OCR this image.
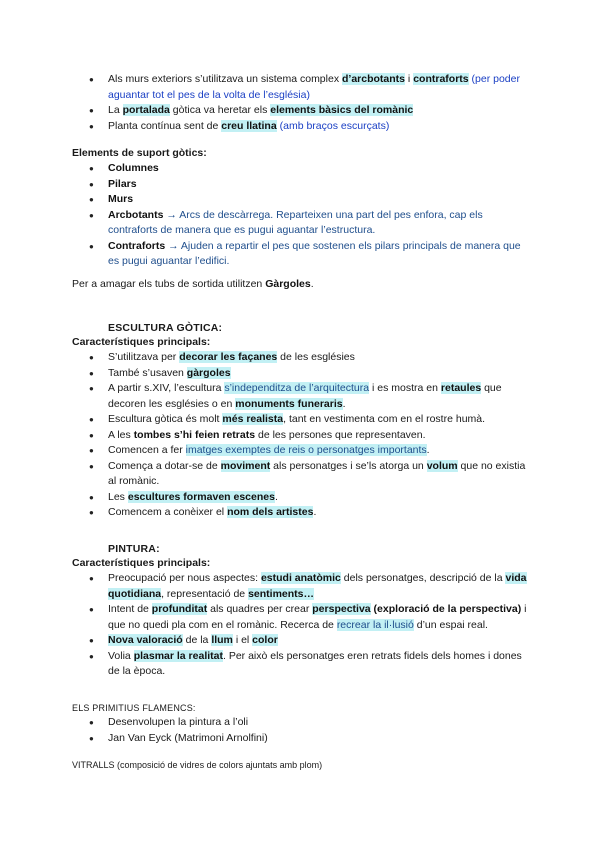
● Als murs exteriors s’utilitzava un sistema complex d’arcbotants i contraforts (per poder aguantar tot el pes de la volta de l’església)
● La portalada gòtica va heretar els elements bàsics del romànic
● Planta contínua sent de creu llatina (amb braços escurçats)
Elements de suport gòtics:
● Columnes
● Pilars
● Murs
● Arcbotants → Arcs de descàrrega. Reparteixen una part del pes enfora, cap els contraforts de manera que es pugui aguantar l’estructura.
● Contraforts → Ajuden a repartir el pes que sostenen els pilars principals de manera que es pugui aguantar l’edifici.
Per a amagar els tubs de sortida utilitzen Gàrgoles.
ESCULTURA GÒTICA:
Característiques principals:
● S’utilitzava per decorar les façanes de les esglésies
● També s’usaven gàrgoles
● A partir s.XIV, l’escultura s’independitza de l’arquitectura i es mostra en retaules que decoren les esglésies o en monuments funeraris.
● Escultura gòtica és molt més realista, tant en vestimenta com en el rostre humà.
● A les tombes s’hi feien retrats de les persones que representaven.
● Comencen a fer imatges exemptes de reis o personatges importants.
● Comença a dotar-se de moviment als personatges i se’ls atorga un volum que no existia al romànic.
● Les escultures formaven escenes.
● Comencem a conèixer el nom dels artistes.
PINTURA:
Característiques principals:
● Preocupació per nous aspectes: estudi anatòmic dels personatges, descripció de la vida quotidiana, representació de sentiments…
● Intent de profunditat als quadres per crear perspectiva (exploració de la perspectiva) i que no quedi pla com en el romànic. Recerca de recrear la il·lusió d’un espai real.
● Nova valoració de la llum i el color
● Volia plasmar la realitat. Per això els personatges eren retrats fidels dels homes i dones de la època.
ELS PRIMITIUS FLAMENCS:
● Desenvolupen la pintura a l’oli
● Jan Van Eyck (Matrimoni Arnolfini)
VITRALLS (composició de vidres de colors ajuntats amb plom)
